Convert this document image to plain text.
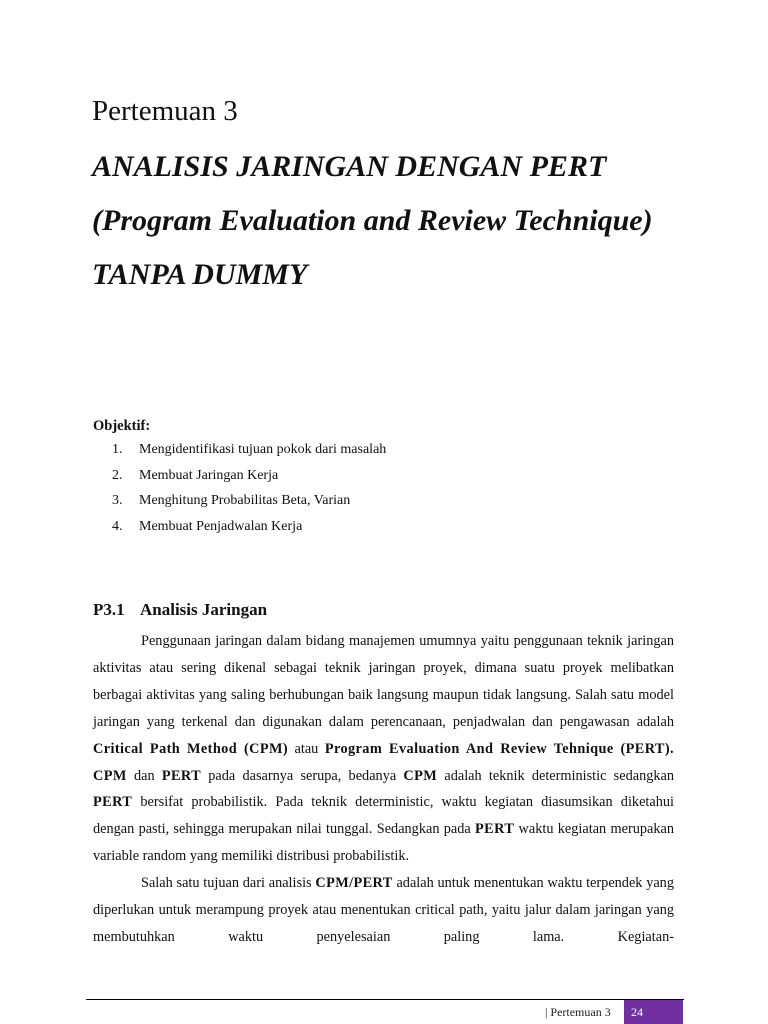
Pertemuan 3
ANALISIS JARINGAN DENGAN PERT
(Program Evaluation and Review Technique)
TANPA DUMMY
Objektif:
1.	Mengidentifikasi tujuan pokok dari masalah
2.	Membuat Jaringan Kerja
3.	Menghitung Probabilitas Beta, Varian
4.	Membuat Penjadwalan Kerja
P3.1 Analisis Jaringan

Penggunaan jaringan dalam bidang manajemen umumnya yaitu penggunaan teknik jaringan aktivitas atau sering dikenal sebagai teknik jaringan proyek, dimana suatu proyek melibatkan berbagai aktivitas yang saling berhubungan baik langsung maupun tidak langsung. Salah satu model jaringan yang terkenal dan digunakan dalam perencanaan, penjadwalan dan pengawasan adalah Critical Path Method (CPM) atau Program Evaluation And Review Tehnique (PERT). CPM dan PERT pada dasarnya serupa, bedanya CPM adalah teknik deterministic sedangkan PERT bersifat probabilistik. Pada teknik deterministic, waktu kegiatan diasumsikan diketahui dengan pasti, sehingga merupakan nilai tunggal. Sedangkan pada PERT waktu kegiatan merupakan variable random yang memiliki distribusi probabilistik.

Salah satu tujuan dari analisis CPM/PERT adalah untuk menentukan waktu terpendek yang diperlukan untuk merampung proyek atau menentukan critical path, yaitu jalur dalam jaringan yang membutuhkan waktu penyelesaian paling lama. Kegiatan-

| Pertemuan 3 24
